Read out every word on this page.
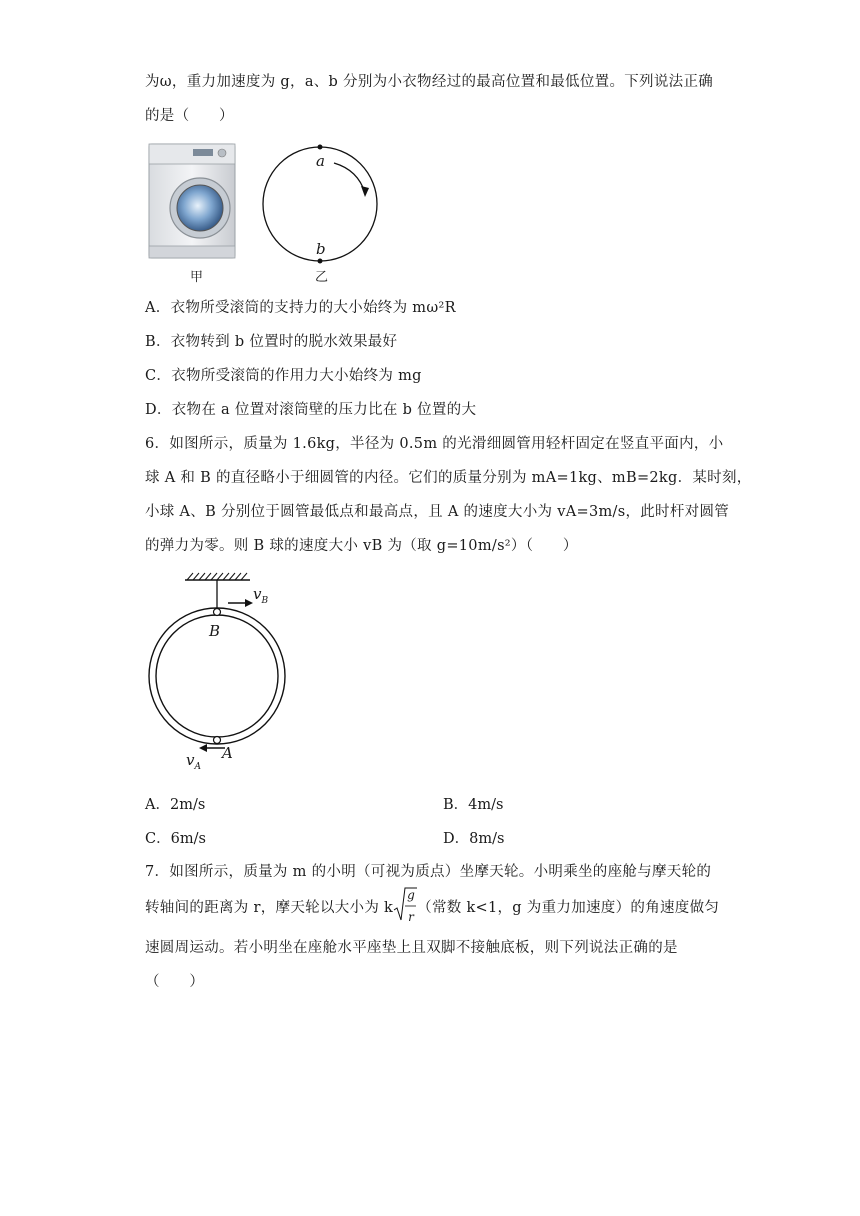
为ω，重力加速度为 g，a、b 分别为小衣物经过的最高位置和最低位置。下列说法正确
的是（　　）
甲
a
b
乙
A．衣物所受滚筒的支持力的大小始终为 mω²R
B．衣物转到 b 位置时的脱水效果最好
C．衣物所受滚筒的作用力大小始终为 mg
D．衣物在 a 位置对滚筒壁的压力比在 b 位置的大
6．如图所示，质量为 1.6kg，半径为 0.5m 的光滑细圆管用轻杆固定在竖直平面内，小
球 A 和 B 的直径略小于细圆管的内径。它们的质量分别为 mA=1kg、mB=2kg．某时刻，
小球 A、B 分别位于圆管最低点和最高点，且 A 的速度大小为 vA=3m/s，此时杆对圆管
的弹力为零。则 B 球的速度大小 vB 为（取 g=10m/s²）（　　）
$v_B$
B
A
$v_A$
A．2m/s	B．4m/s
C．6m/s	D．8m/s
7．如图所示，质量为 m 的小明（可视为质点）坐摩天轮。小明乘坐的座舱与摩天轮的
转轴间的距离为 r，摩天轮以大小为 k
g
r
（常数 k<1，g 为重力加速度）的角速度做匀
速圆周运动。若小明坐在座舱水平座垫上且双脚不接触底板，则下列说法正确的是
（　　）
